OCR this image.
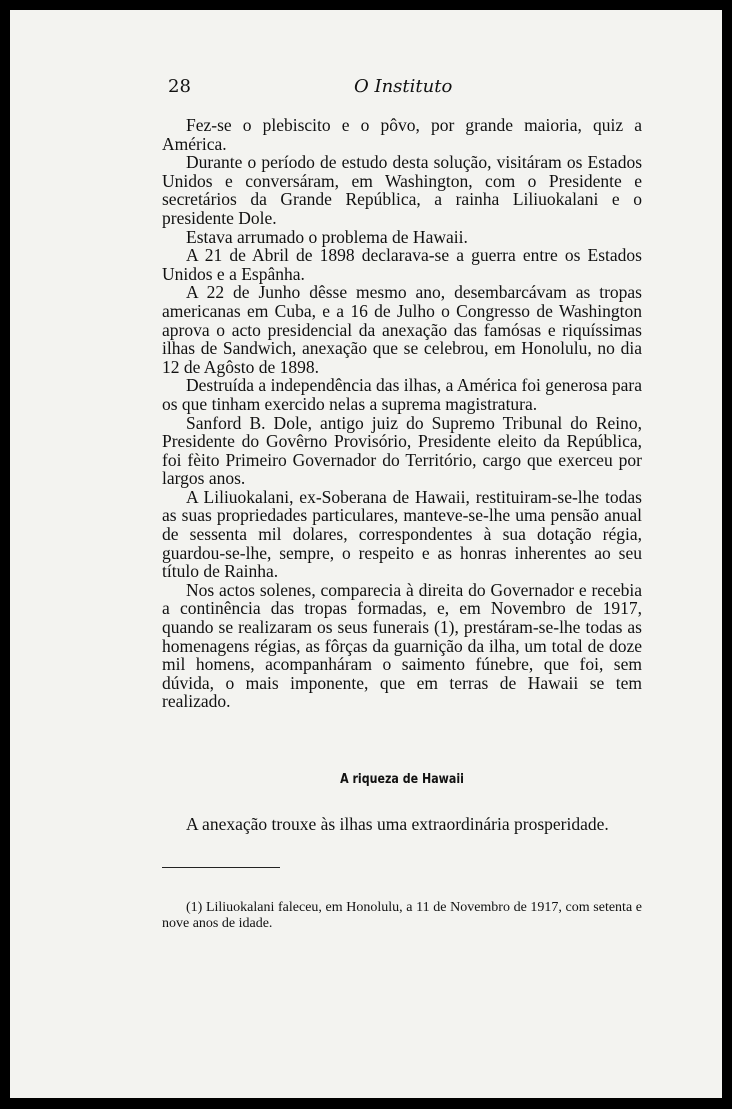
28	O Instituto

Fez-se o plebiscito e o pôvo, por grande maioria, quiz a América.

Durante o período de estudo desta solução, visitáram os Estados Unidos e conversáram, em Washington, com o Presidente e secretários da Grande República, a rainha Liliuokalani e o presidente Dole.

Estava arrumado o problema de Hawaii.

A 21 de Abril de 1898 declarava-se a guerra entre os Estados Unidos e a Espânha.

A 22 de Junho dêsse mesmo ano, desembarcávam as tropas americanas em Cuba, e a 16 de Julho o Congresso de Washington aprova o acto presidencial da anexação das famósas e riquíssimas ilhas de Sandwich, anexação que se celebrou, em Honolulu, no dia 12 de Agôsto de 1898.

Destruída a independência das ilhas, a América foi generosa para os que tinham exercido nelas a suprema magistratura.

Sanford B. Dole, antigo juiz do Supremo Tribunal do Reino, Presidente do Govêrno Provisório, Presidente eleito da República, foi fèito Primeiro Governador do Território, cargo que exerceu por largos anos.

A Liliuokalani, ex-Soberana de Hawaii, restituiram-se-lhe todas as suas propriedades particulares, manteve-se-lhe uma pensão anual de sessenta mil dolares, correspondentes à sua dotação régia, guardou-se-lhe, sempre, o respeito e as honras inherentes ao seu título de Rainha.

Nos actos solenes, comparecia à direita do Governador e recebia a continência das tropas formadas, e, em Novembro de 1917, quando se realizaram os seus funerais (1), prestáram-se-lhe todas as homenagens régias, as fôrças da guarnição da ilha, um total de doze mil homens, acompanháram o saimento fúnebre, que foi, sem dúvida, o mais imponente, que em terras de Hawaii se tem realizado.

A riqueza de Hawaii

A anexação trouxe às ilhas uma extraordinária prosperidade.

(1) Liliuokalani faleceu, em Honolulu, a 11 de Novembro de 1917, com setenta e nove anos de idade.
